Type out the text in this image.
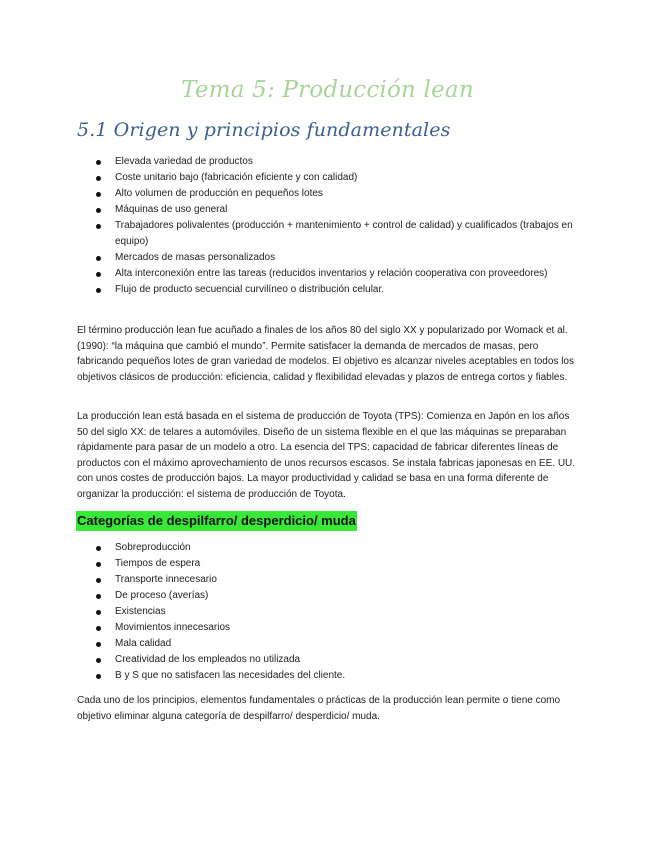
Tema 5: Producción lean
5.1 Origen y principios fundamentales
Elevada variedad de productos
Coste unitario bajo (fabricación eficiente y con calidad)
Alto volumen de producción en pequeños lotes
Máquinas de uso general
Trabajadores polivalentes (producción + mantenimiento + control de calidad) y cualificados (trabajos en equipo)
Mercados de masas personalizados
Alta interconexión entre las tareas (reducidos inventarios y relación cooperativa con proveedores)
Flujo de producto secuencial curvilíneo o distribución celular.

El término producción lean fue acuñado a finales de los años 80 del siglo XX y popularizado por Womack et al. (1990): “la máquina que cambió el mundo”. Permite satisfacer la demanda de mercados de masas, pero fabricando pequeños lotes de gran variedad de modelos. El objetivo es alcanzar niveles aceptables en todos los objetivos clásicos de producción: eficiencia, calidad y flexibilidad elevadas y plazos de entrega cortos y fiables.

La producción lean está basada en el sistema de producción de Toyota (TPS): Comienza en Japón en los años 50 del siglo XX: de telares a automóviles. Diseño de un sistema flexible en el que las máquinas se preparaban rápidamente para pasar de un modelo a otro. La esencia del TPS: capacidad de fabricar diferentes líneas de productos con el máximo aprovechamiento de unos recursos escasos. Se instala fabricas japonesas en EE. UU. con unos costes de producción bajos. La mayor productividad y calidad se basa en una forma diferente de organizar la producción: el sistema de producción de Toyota.

Categorías de despilfarro/ desperdicio/ muda
Sobreproducción
Tiempos de espera
Transporte innecesario
De proceso (averías)
Existencias
Movimientos innecesarios
Mala calidad
Creatividad de los empleados no utilizada
B y S que no satisfacen las necesidades del cliente.

Cada uno de los principios, elementos fundamentales o prácticas de la producción lean permite o tiene como objetivo eliminar alguna categoría de despilfarro/ desperdicio/ muda.
